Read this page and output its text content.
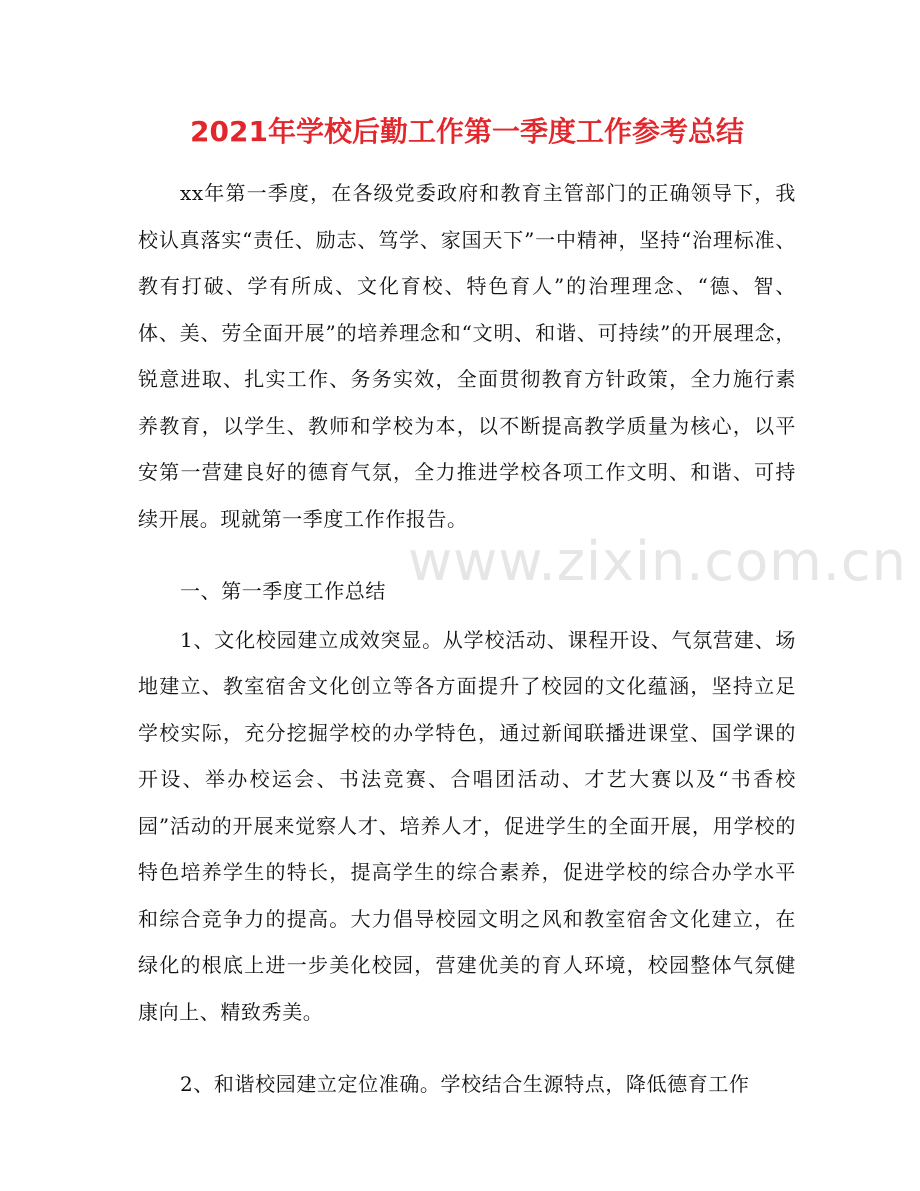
www.zixin.com.cn
2021年学校后勤工作第一季度工作参考总结

xx年第一季度，在各级党委政府和教育主管部门的正确领导下，我校认真落实“责任、励志、笃学、家国天下”一中精神，坚持“治理标准、教有打破、学有所成、文化育校、特色育人”的治理理念、“德、智、体、美、劳全面开展”的培养理念和“文明、和谐、可持续”的开展理念，锐意进取、扎实工作、务务实效，全面贯彻教育方针政策，全力施行素养教育，以学生、教师和学校为本，以不断提高教学质量为核心，以平安第一营建良好的德育气氛，全力推进学校各项工作文明、和谐、可持续开展。现就第一季度工作作报告。

一、第一季度工作总结

1、文化校园建立成效突显。从学校活动、课程开设、气氛营建、场地建立、教室宿舍文化创立等各方面提升了校园的文化蕴涵，坚持立足学校实际，充分挖掘学校的办学特色，通过新闻联播进课堂、国学课的开设、举办校运会、书法竞赛、合唱团活动、才艺大赛以及“书香校园”活动的开展来觉察人才、培养人才，促进学生的全面开展，用学校的特色培养学生的特长，提高学生的综合素养，促进学校的综合办学水平和综合竞争力的提高。大力倡导校园文明之风和教室宿舍文化建立，在绿化的根底上进一步美化校园，营建优美的育人环境，校园整体气氛健康向上、精致秀美。

2、和谐校园建立定位准确。学校结合生源特点，降低德育工作
